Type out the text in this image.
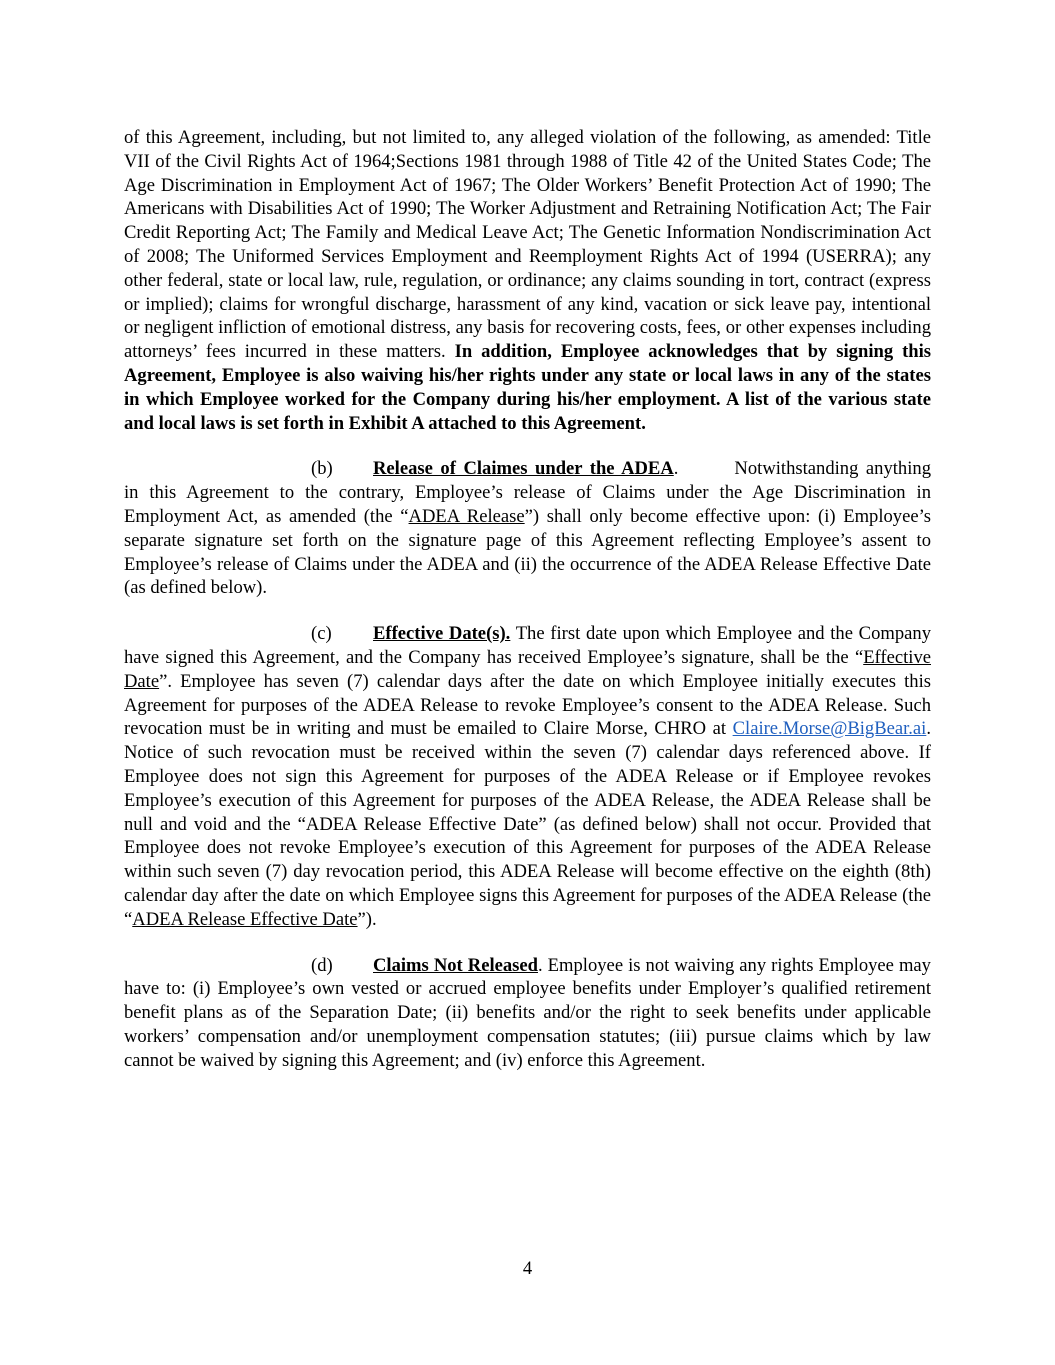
of this Agreement, including, but not limited to, any alleged violation of the following, as amended: Title VII of the Civil Rights Act of 1964;Sections 1981 through 1988 of Title 42 of the United States Code; The Age Discrimination in Employment Act of 1967; The Older Workers’ Benefit Protection Act of 1990; The Americans with Disabilities Act of 1990; The Worker Adjustment and Retraining Notification Act; The Fair Credit Reporting Act; The Family and Medical Leave Act; The Genetic Information Nondiscrimination Act of 2008; The Uniformed Services Employment and Reemployment Rights Act of 1994 (USERRA); any other federal, state or local law, rule, regulation, or ordinance; any claims sounding in tort, contract (express or implied); claims for wrongful discharge, harassment of any kind, vacation or sick leave pay, intentional or negligent infliction of emotional distress, any basis for recovering costs, fees, or other expenses including attorneys’ fees incurred in these matters. In addition, Employee acknowledges that by signing this Agreement, Employee is also waiving his/her rights under any state or local laws in any of the states in which Employee worked for the Company during his/her employment. A list of the various state and local laws is set forth in Exhibit A attached to this Agreement.

(b) Release of Claimes under the ADEA.	Notwithstanding anything in this Agreement to the contrary, Employee’s release of Claims under the Age Discrimination in Employment Act, as amended (the “ADEA Release”) shall only become effective upon: (i) Employee’s separate signature set forth on the signature page of this Agreement reflecting Employee’s assent to Employee’s release of Claims under the ADEA and (ii) the occurrence of the ADEA Release Effective Date (as defined below).

(c) Effective Date(s). The first date upon which Employee and the Company have signed this Agreement, and the Company has received Employee’s signature, shall be the “Effective Date”. Employee has seven (7) calendar days after the date on which Employee initially executes this Agreement for purposes of the ADEA Release to revoke Employee’s consent to the ADEA Release. Such revocation must be in writing and must be emailed to Claire Morse, CHRO at Claire.Morse@BigBear.ai. Notice of such revocation must be received within the seven (7) calendar days referenced above. If Employee does not sign this Agreement for purposes of the ADEA Release or if Employee revokes Employee’s execution of this Agreement for purposes of the ADEA Release, the ADEA Release shall be null and void and the “ADEA Release Effective Date” (as defined below) shall not occur. Provided that Employee does not revoke Employee’s execution of this Agreement for purposes of the ADEA Release within such seven (7) day revocation period, this ADEA Release will become effective on the eighth (8th) calendar day after the date on which Employee signs this Agreement for purposes of the ADEA Release (the “ADEA Release Effective Date”).

(d) Claims Not Released. Employee is not waiving any rights Employee may have to: (i) Employee’s own vested or accrued employee benefits under Employer’s qualified retirement benefit plans as of the Separation Date; (ii) benefits and/or the right to seek benefits under applicable workers’ compensation and/or unemployment compensation statutes; (iii) pursue claims which by law cannot be waived by signing this Agreement; and (iv) enforce this Agreement.

4
